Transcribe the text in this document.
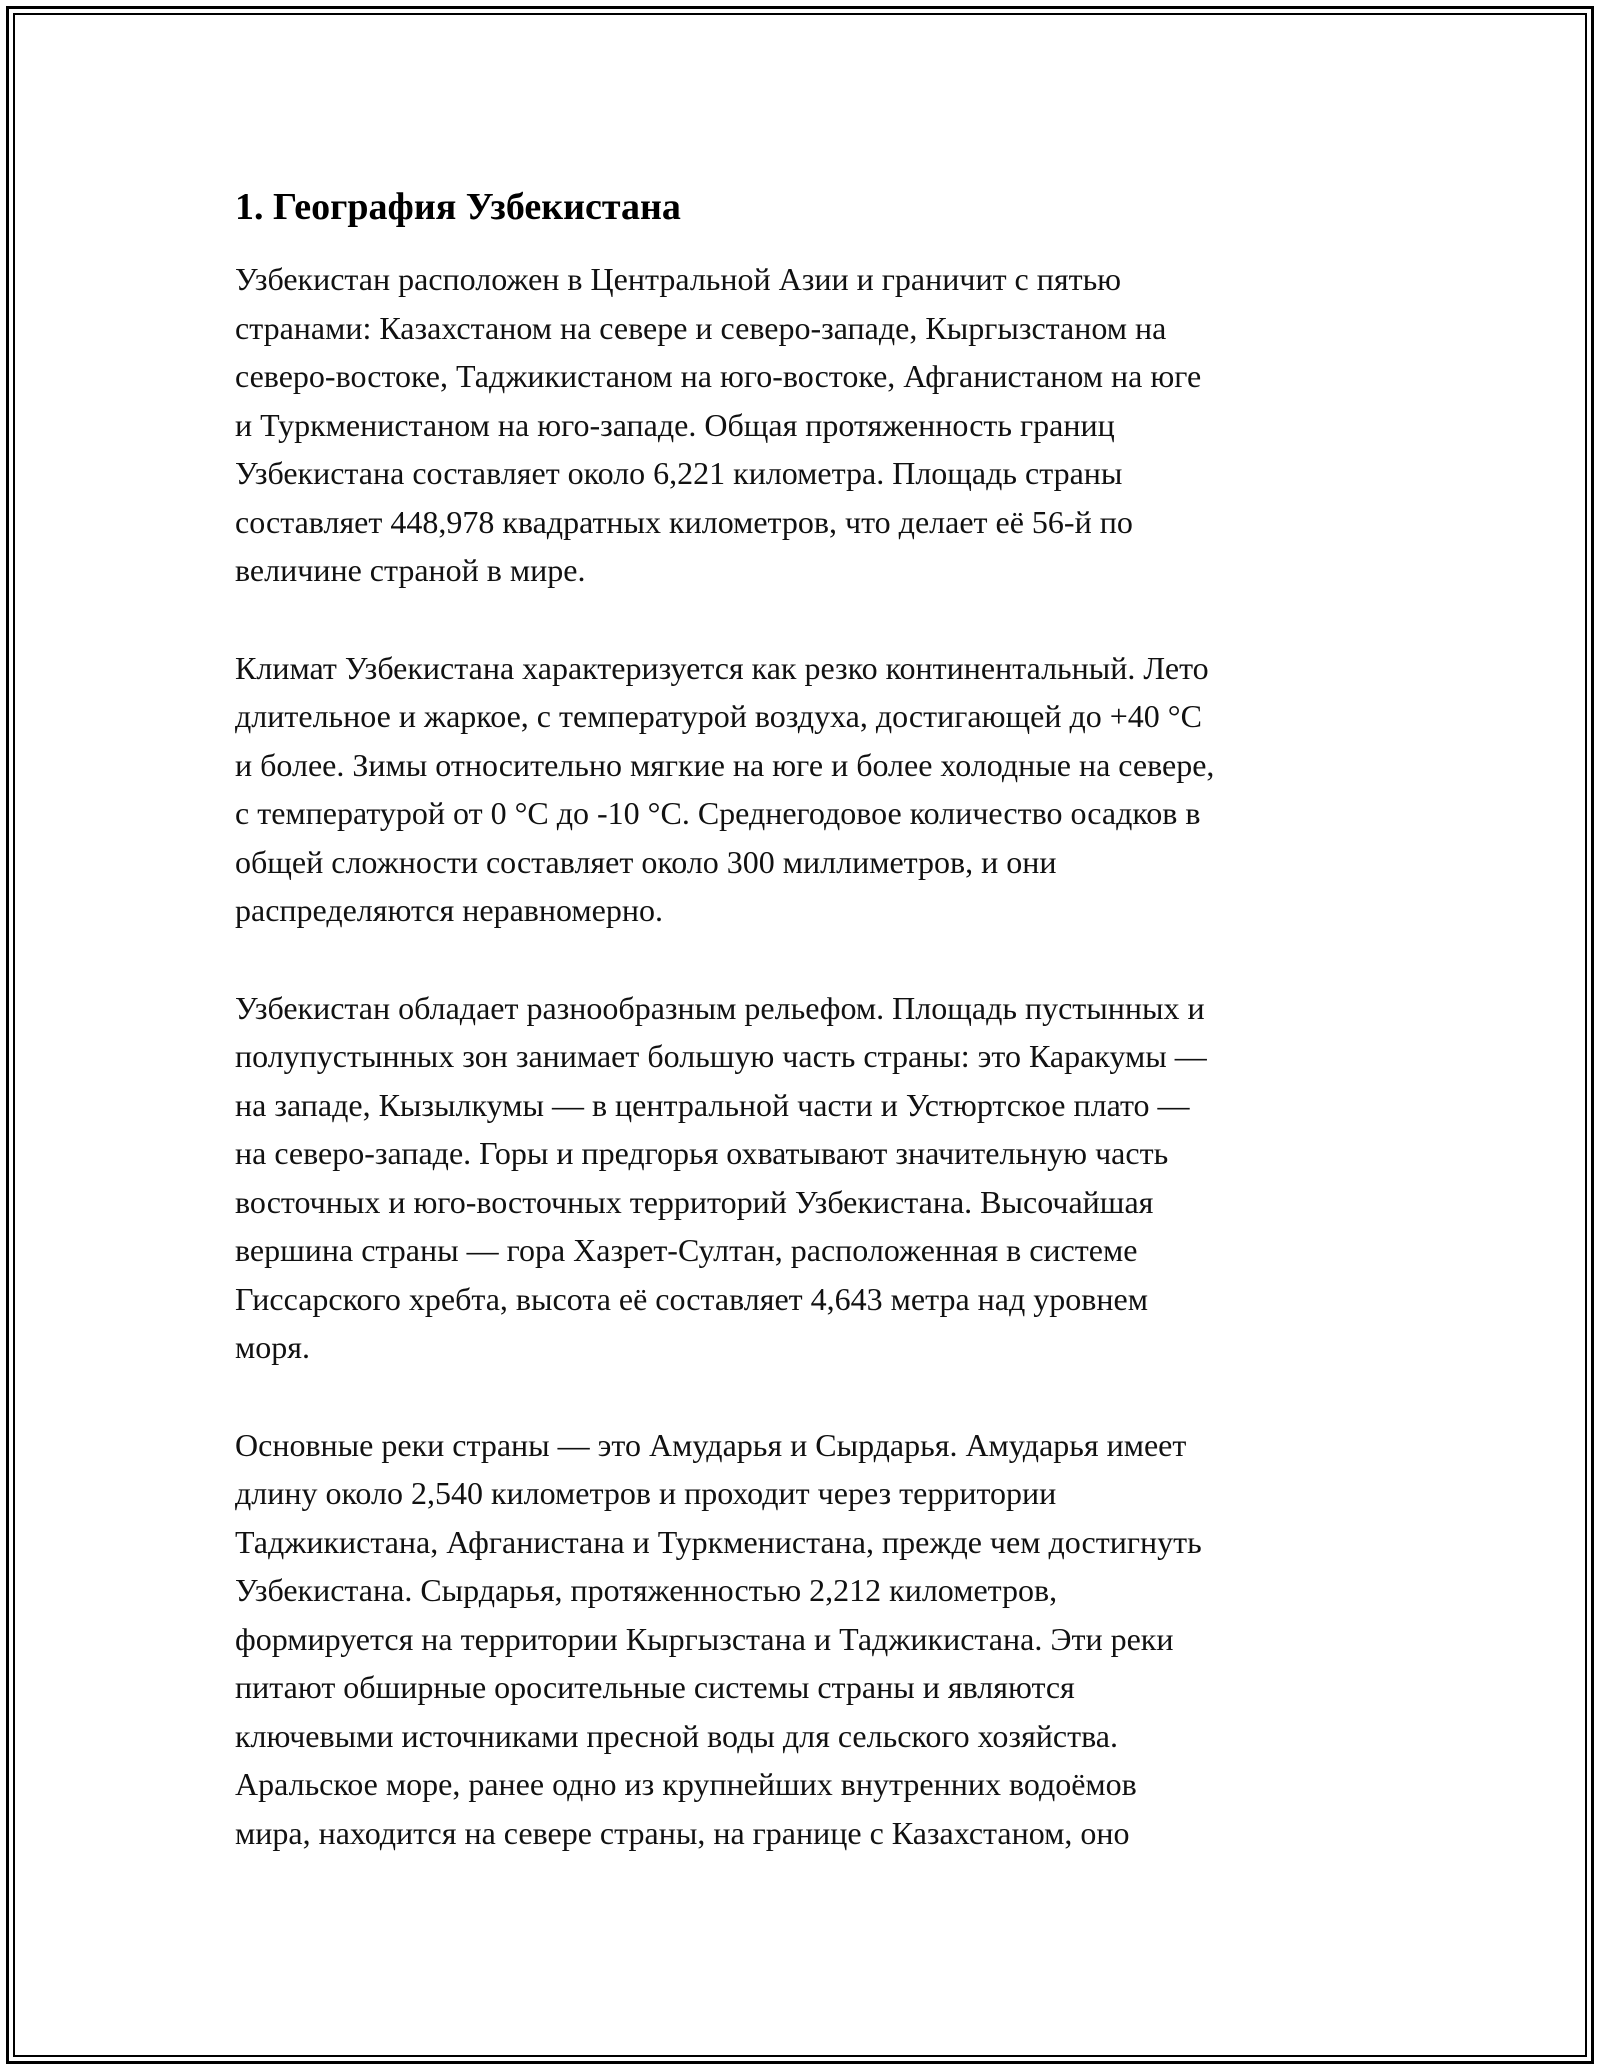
1. География Узбекистана

Узбекистан расположен в Центральной Азии и граничит с пятью
странами: Казахстаном на севере и северо-западе, Кыргызстаном на
северо-востоке, Таджикистаном на юго-востоке, Афганистаном на юге
и Туркменистаном на юго-западе. Общая протяженность границ
Узбекистана составляет около 6,221 километра. Площадь страны
составляет 448,978 квадратных километров, что делает её 56-й по
величине страной в мире.

Климат Узбекистана характеризуется как резко континентальный. Лето
длительное и жаркое, с температурой воздуха, достигающей до +40 °C
и более. Зимы относительно мягкие на юге и более холодные на севере,
с температурой от 0 °C до -10 °C. Среднегодовое количество осадков в
общей сложности составляет около 300 миллиметров, и они
распределяются неравномерно.

Узбекистан обладает разнообразным рельефом. Площадь пустынных и
полупустынных зон занимает большую часть страны: это Каракумы —
на западе, Кызылкумы — в центральной части и Устюртское плато —
на северо-западе. Горы и предгорья охватывают значительную часть
восточных и юго-восточных территорий Узбекистана. Высочайшая
вершина страны — гора Хазрет-Султан, расположенная в системе
Гиссарского хребта, высота её составляет 4,643 метра над уровнем
моря.

Основные реки страны — это Амударья и Сырдарья. Амударья имеет
длину около 2,540 километров и проходит через территории
Таджикистана, Афганистана и Туркменистана, прежде чем достигнуть
Узбекистана. Сырдарья, протяженностью 2,212 километров,
формируется на территории Кыргызстана и Таджикистана. Эти реки
питают обширные оросительные системы страны и являются
ключевыми источниками пресной воды для сельского хозяйства.
Аральское море, ранее одно из крупнейших внутренних водоёмов
мира, находится на севере страны, на границе с Казахстаном, оно
